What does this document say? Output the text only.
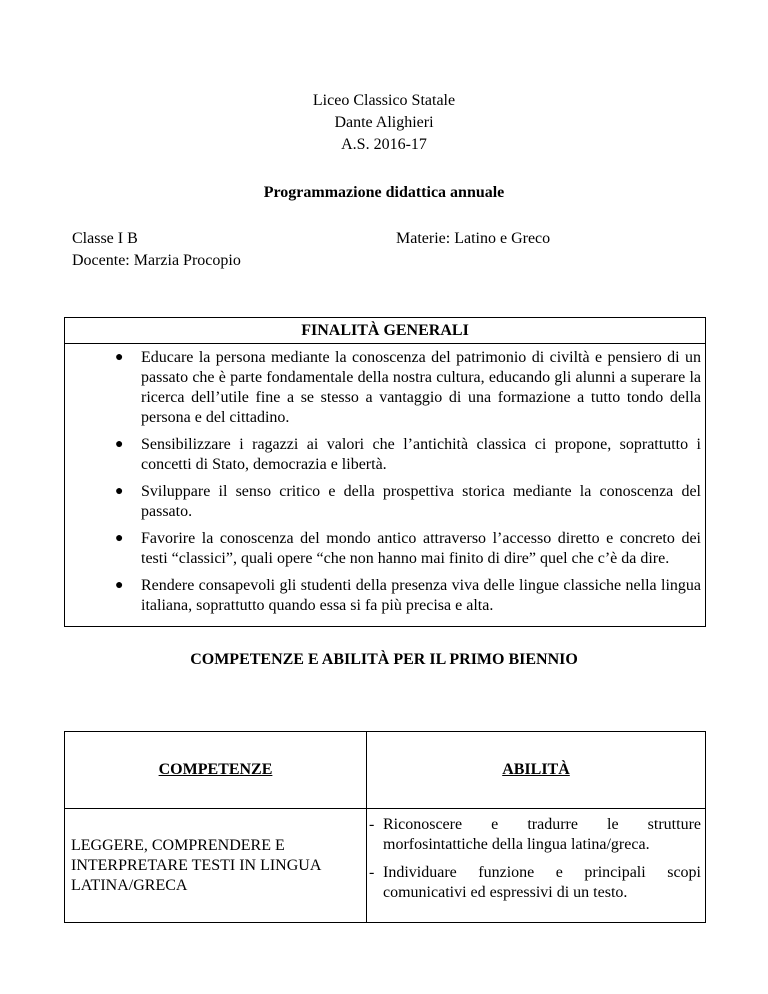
Liceo Classico Statale
Dante Alighieri
A.S. 2016-17
Programmazione didattica annuale
Classe I B
Docente: Marzia Procopio
Materie: Latino e Greco
FINALITÀ GENERALI
● Educare la persona mediante la conoscenza del patrimonio di civiltà e pensiero di un passato che è parte fondamentale della nostra cultura, educando gli alunni a superare la ricerca dell’utile fine a se stesso a vantaggio di una formazione a tutto tondo della persona e del cittadino.
● Sensibilizzare i ragazzi ai valori che l’antichità classica ci propone, soprattutto i concetti di Stato, democrazia e libertà.
● Sviluppare il senso critico e della prospettiva storica mediante la conoscenza del passato.
● Favorire la conoscenza del mondo antico attraverso l’accesso diretto e concreto dei testi “classici”, quali opere “che non hanno mai finito di dire” quel che c’è da dire.
● Rendere consapevoli gli studenti della presenza viva delle lingue classiche nella lingua italiana, soprattutto quando essa si fa più precisa e alta.
COMPETENZE E ABILITÀ PER IL PRIMO BIENNIO
COMPETENZE	ABILITÀ
LEGGERE, COMPRENDERE E INTERPRETARE TESTI IN LINGUA LATINA/GRECA
- Riconoscere e tradurre le strutture morfosintattiche della lingua latina/greca.
- Individuare funzione e principali scopi comunicativi ed espressivi di un testo.
